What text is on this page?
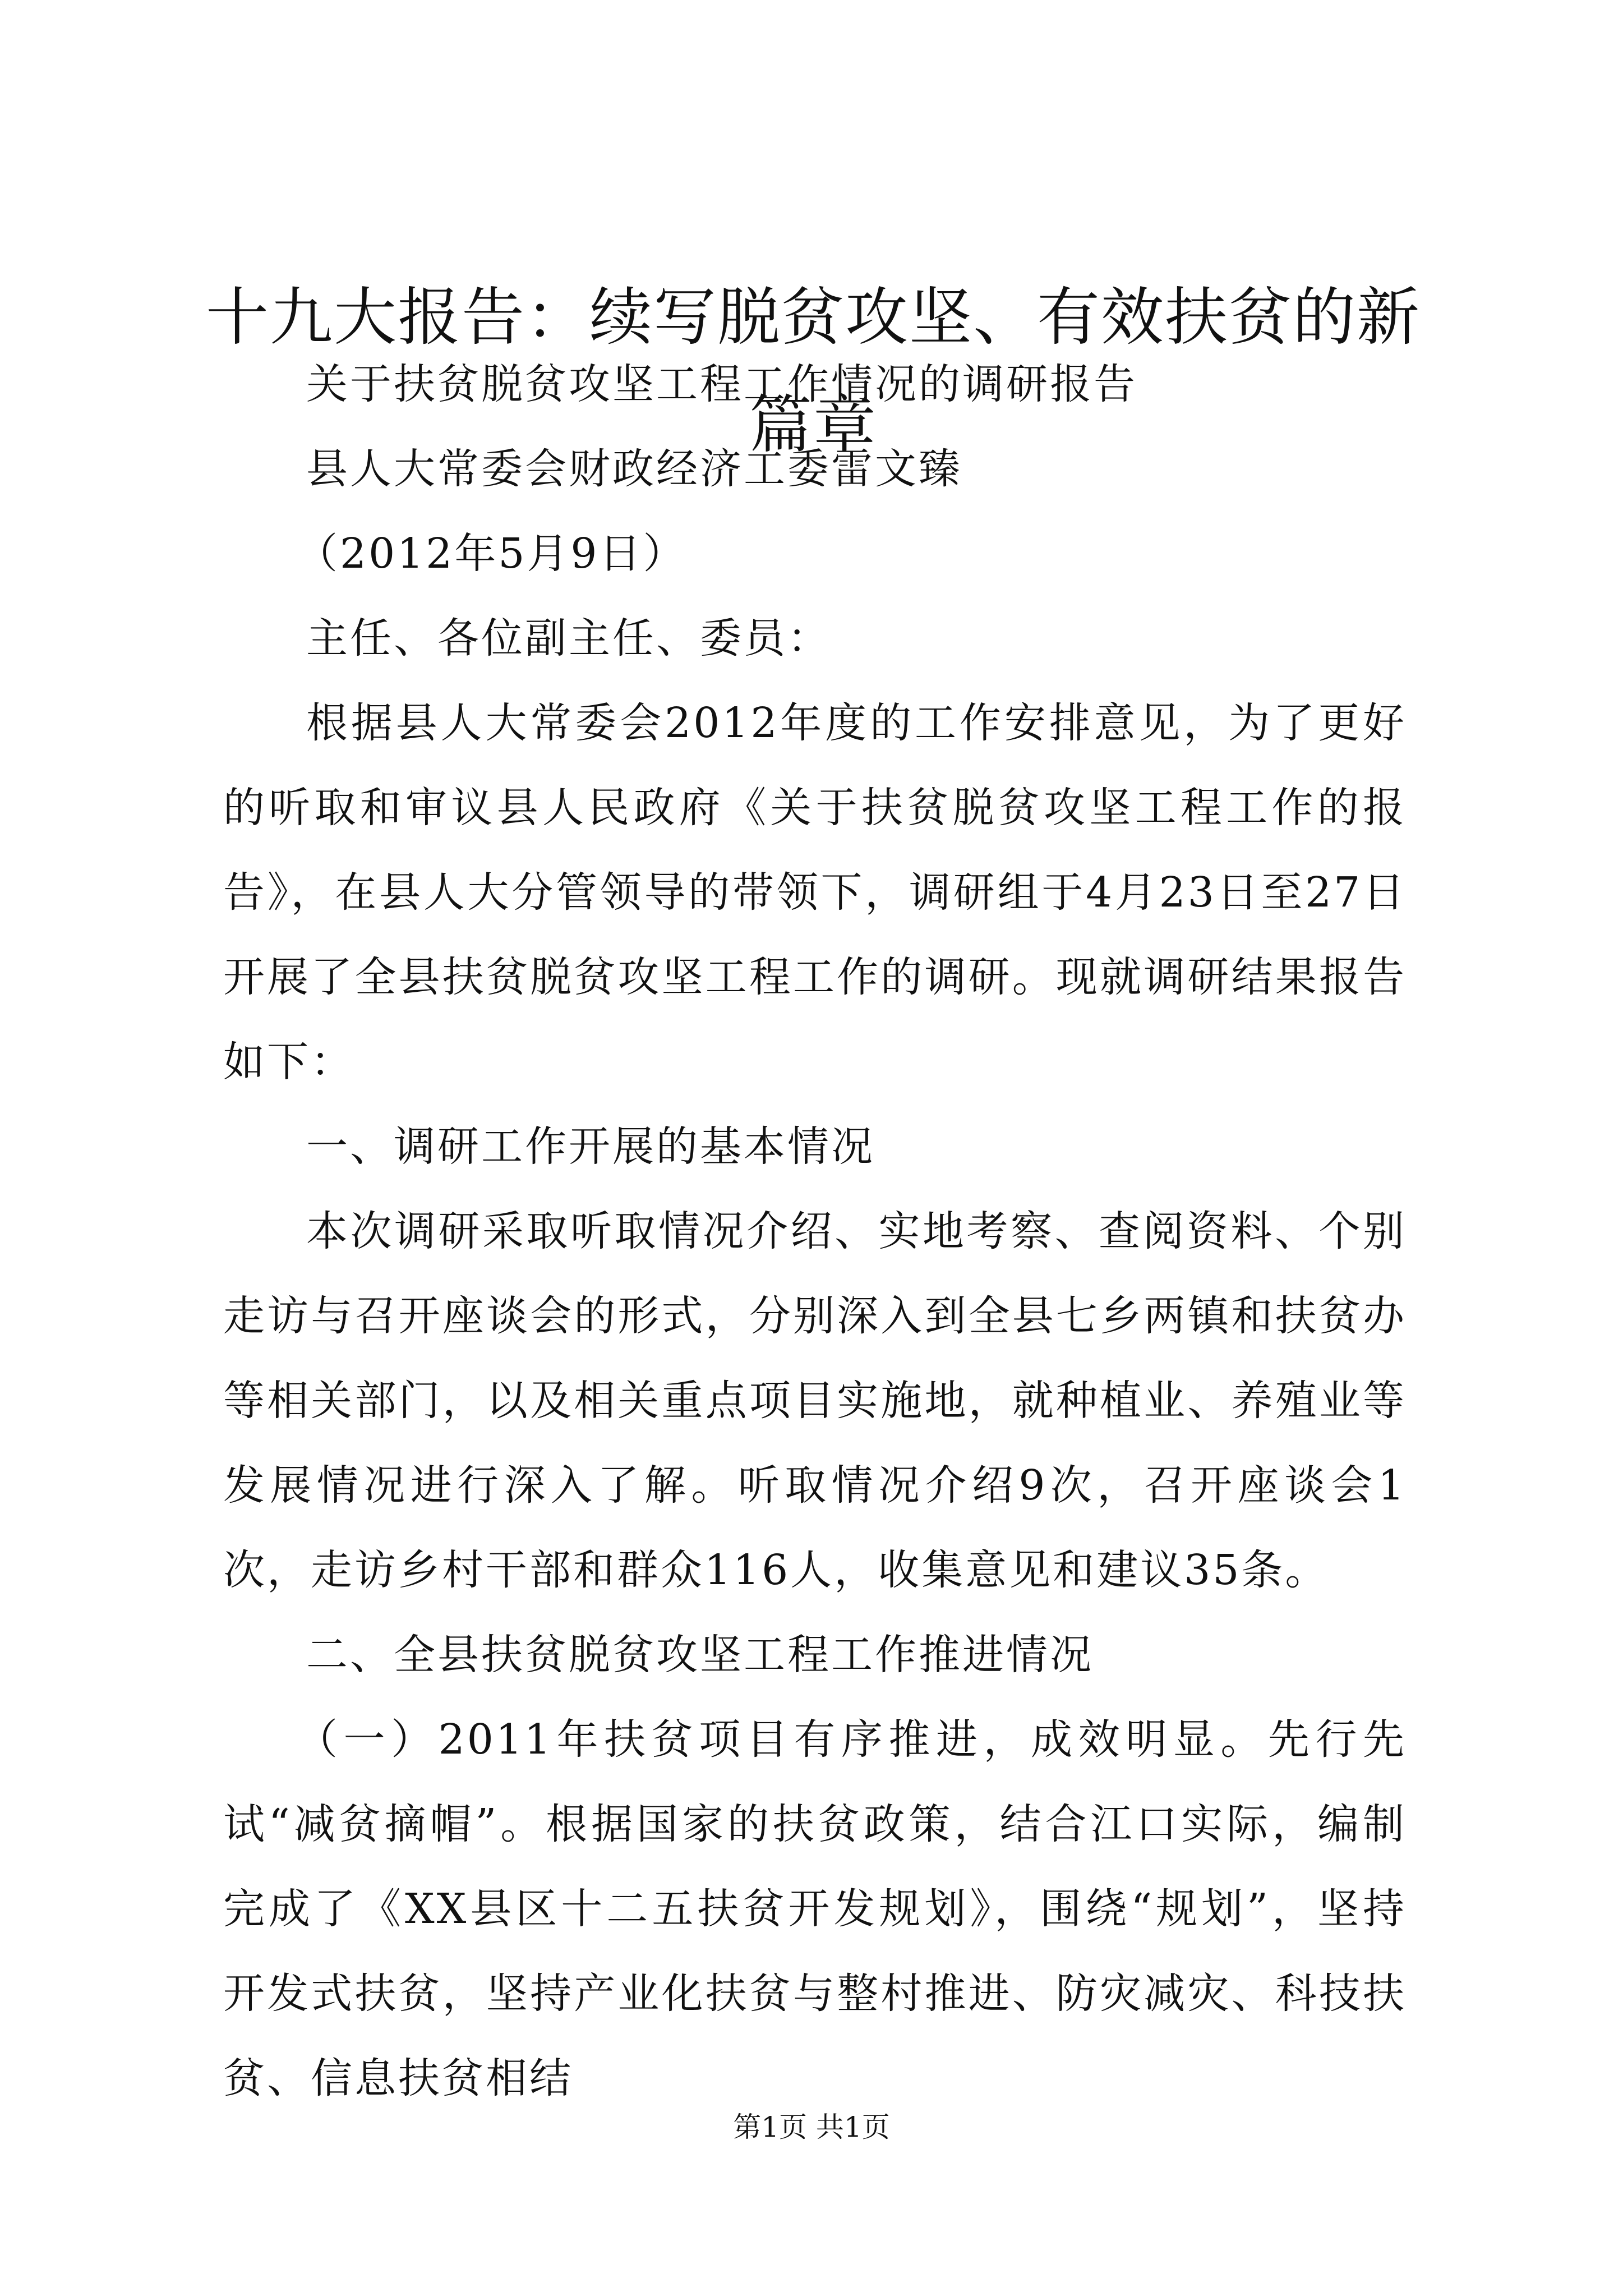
十九大报告：续写脱贫攻坚、有效扶贫的新篇章

关于扶贫脱贫攻坚工程工作情况的调研报告

县人大常委会财政经济工委雷文臻

（2012年5月9日）

主任、各位副主任、委员：

根据县人大常委会2012年度的工作安排意见，为了更好的听取和审议县人民政府《关于扶贫脱贫攻坚工程工作的报告》，在县人大分管领导的带领下，调研组于4月23日至27日开展了全县扶贫脱贫攻坚工程工作的调研。现就调研结果报告如下：

一、调研工作开展的基本情况

本次调研采取听取情况介绍、实地考察、查阅资料、个别走访与召开座谈会的形式，分别深入到全县七乡两镇和扶贫办等相关部门，以及相关重点项目实施地，就种植业、养殖业等发展情况进行深入了解。听取情况介绍9次，召开座谈会1次，走访乡村干部和群众116人，收集意见和建议35条。

二、全县扶贫脱贫攻坚工程工作推进情况

（一）2011年扶贫项目有序推进，成效明显。先行先试“减贫摘帽”。根据国家的扶贫政策，结合江口实际，编制完成了《XX县区十二五扶贫开发规划》，围绕“规划”，坚持开发式扶贫，坚持产业化扶贫与整村推进、防灾减灾、科技扶贫、信息扶贫相结

第1页 共1页
